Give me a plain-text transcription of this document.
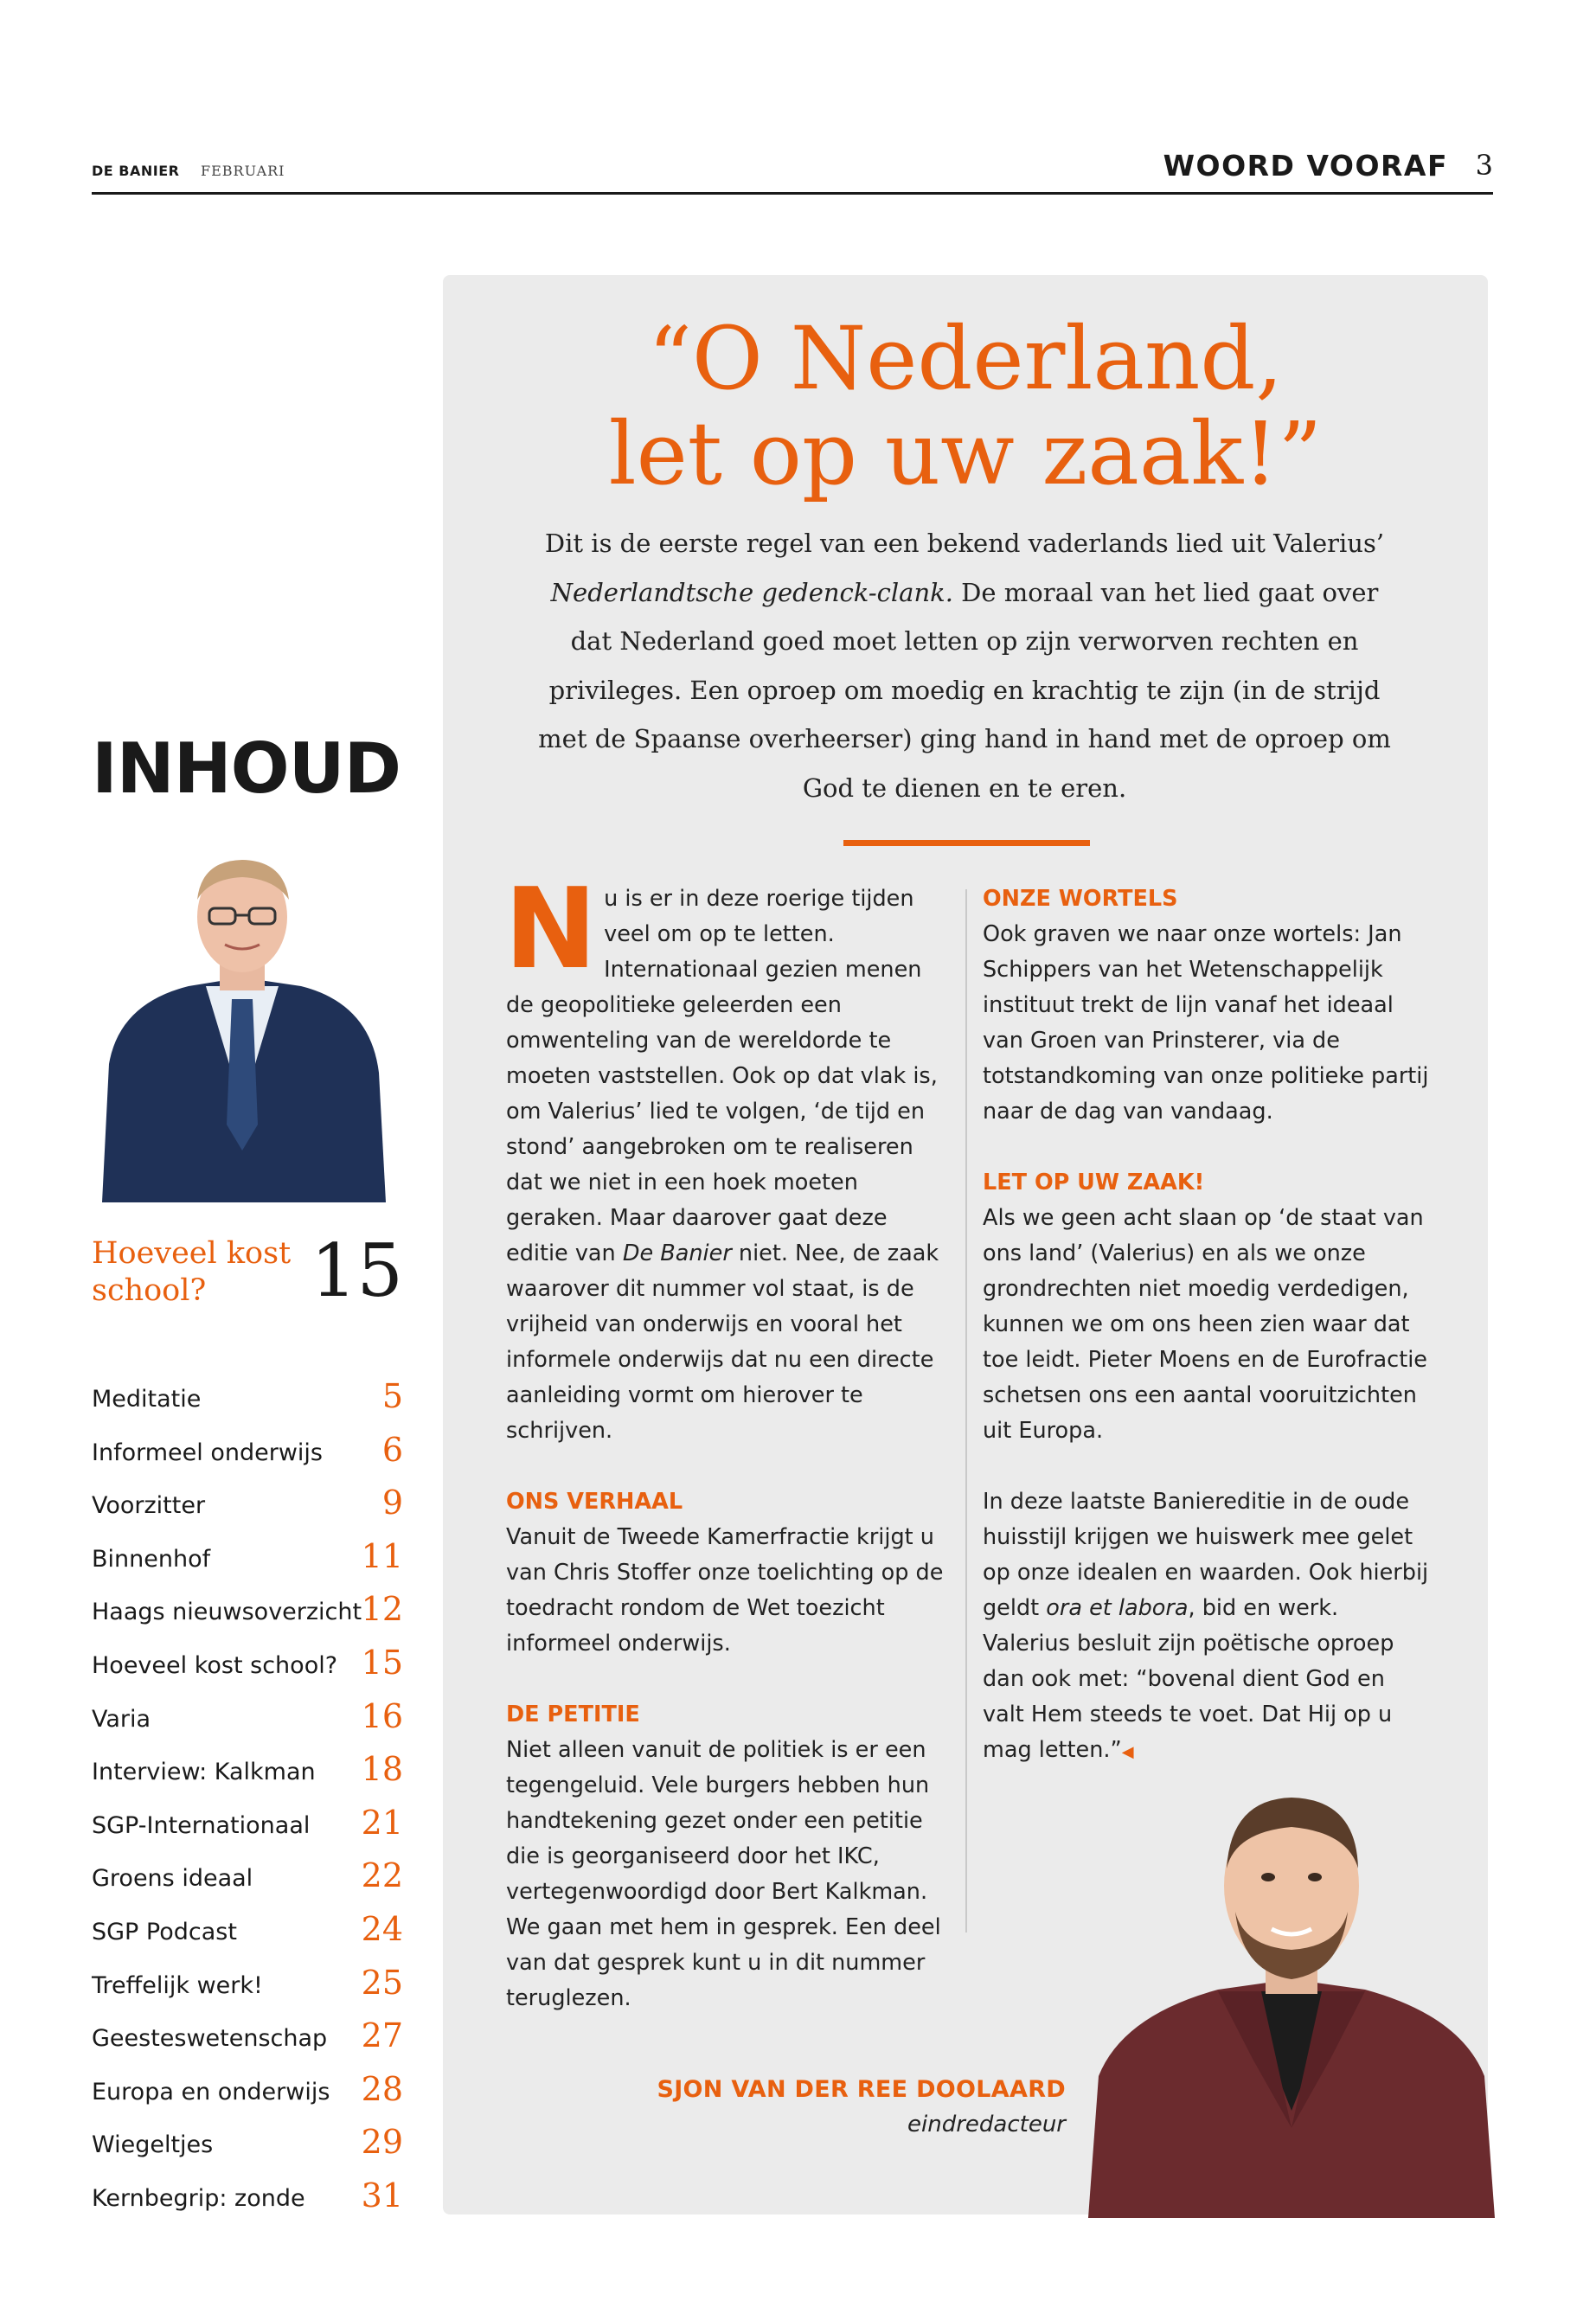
DE BANIER FEBRUARI	WOORD VOORAF 3
INHOUD
Hoeveel kost school?	15
Meditatie	5
Informeel onderwijs 6
Voorzitter	9
Binnenhof	11
Haags nieuwsoverzicht 12
Hoeveel kost school? 15
Varia	16
Interview: Kalkman 18
SGP-Internationaal 21
Groens ideaal	22
SGP Podcast	24
Treffelijk werk!	25
Geesteswetenschap 27
Europa en onderwijs 28
Wiegeltjes	29
Kernbegrip: zonde 31
“O Nederland,
let op uw zaak!”
Dit is de eerste regel van een bekend vaderlands lied uit Valerius’ Nederlandtsche gedenck-clank. De moraal van het lied gaat over dat Nederland goed moet letten op zijn verworven rechten en privileges. Een oproep om moedig en krachtig te zijn (in de strijd met de Spaanse overheerser) ging hand in hand met de oproep om God te dienen en te eren.

Nu is er in deze roerige tijden veel om op te letten. Internationaal gezien menen de geopolitieke geleerden een omwenteling van de wereldorde te moeten vaststellen. Ook op dat vlak is, om Valerius’ lied te volgen, ‘de tijd en stond’ aangebroken om te realiseren dat we niet in een hoek moeten geraken. Maar daarover gaat deze editie van De Banier niet. Nee, de zaak waarover dit nummer vol staat, is de vrijheid van onderwijs en vooral het informele onderwijs dat nu een directe aanleiding vormt om hierover te schrijven.

ONS VERHAAL

Vanuit de Tweede Kamerfractie krijgt u van Chris Stoffer onze toelichting op de toedracht rondom de Wet toezicht informeel onderwijs.

DE PETITIE

Niet alleen vanuit de politiek is er een tegengeluid. Vele burgers hebben hun handtekening gezet onder een petitie die is georganiseerd door het IKC, vertegenwoordigd door Bert Kalkman. We gaan met hem in gesprek. Een deel van dat gesprek kunt u in dit nummer teruglezen.

ONZE WORTELS

Ook graven we naar onze wortels: Jan Schippers van het Wetenschappelijk instituut trekt de lijn vanaf het ideaal van Groen van Prinsterer, via de totstandkoming van onze politieke partij naar de dag van vandaag.

LET OP UW ZAAK!

Als we geen acht slaan op ‘de staat van ons land’ (Valerius) en als we onze grondrechten niet moedig verdedigen, kunnen we om ons heen zien waar dat toe leidt. Pieter Moens en de Eurofractie schetsen ons een aantal vooruitzichten uit Europa.

In deze laatste Baniereditie in de oude huisstijl krijgen we huiswerk mee gelet op onze idealen en waarden. Ook hierbij geldt ora et labora, bid en werk. Valerius besluit zijn poëtische oproep dan ook met: “bovenal dient God en valt Hem steeds te voet. Dat Hij op u mag letten.”◀

SJON VAN DER REE DOOLAARD
eindredacteur
